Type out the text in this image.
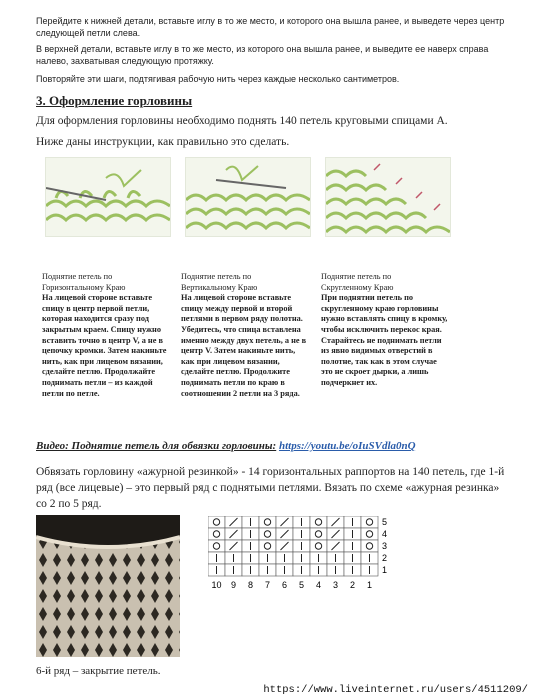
Перейдите к нижней детали, вставьте иглу в то же место, и которого она вышла ранее, и выведете через центр следующей петли слева.

В верхней детали, вставьте иглу в то же место, из которого она вышла ранее, и выведите ее наверх справа налево, захватывая следующую протяжку.

Повторяйте эти шаги, подтягивая рабочую нить через каждые несколько сантиметров.

3. Оформление горловины

Для оформления горловины необходимо поднять 140 петель круговыми спицами А.

Ниже даны инструкции, как правильно это сделать.

Поднятие петель по
Горизонтальному Краю
На лицевой стороне вставьте спицу в центр первой петли, которая находится сразу под закрытым краем. Спицу нужно вставить точно в центр V, а не в цепочку кромки. Затем накиньте нить, как при лицевом вязании, сделайте петлю. Продолжайте поднимать петли – из каждой петли по петле.
Поднятие петель по
Вертикальному Краю
На лицевой стороне вставьте спицу между первой и второй петлями в первом ряду полотна. Убедитесь, что спица вставлена именно между двух петель, а не в центр V. Затем накиньте нить, как при лицевом вязании, сделайте петлю. Продолжите поднимать петли по краю в соотношении 2 петли на 3 ряда.
Поднятие петель по
Скругленному Краю
При поднятии петель по скругленному краю горловины нужно вставлять спицу в кромку, чтобы исключить перекос края. Старайтесь не поднимать петли из явно видимых отверстий в полотне, так как в этом случае это не скроет дырки, а лишь подчеркнет их.
Видео: Поднятие петель для обвязки горловины: https://youtu.be/oIuSVdla0nQ

Обвязать горловину «ажурной резинкой» - 14 горизонтальных раппортов на 140 петель, где 1-й ряд (все лицевые) – это первый ряд с поднятыми петлями. Вязать по схеме «ажурная резинка» со 2 по 5 ряд.

5
4
3
2
1
10 9 8 7 6 5 4 3 2 1
6-й ряд – закрытие петель.
https://www.liveinternet.ru/users/4511209/
